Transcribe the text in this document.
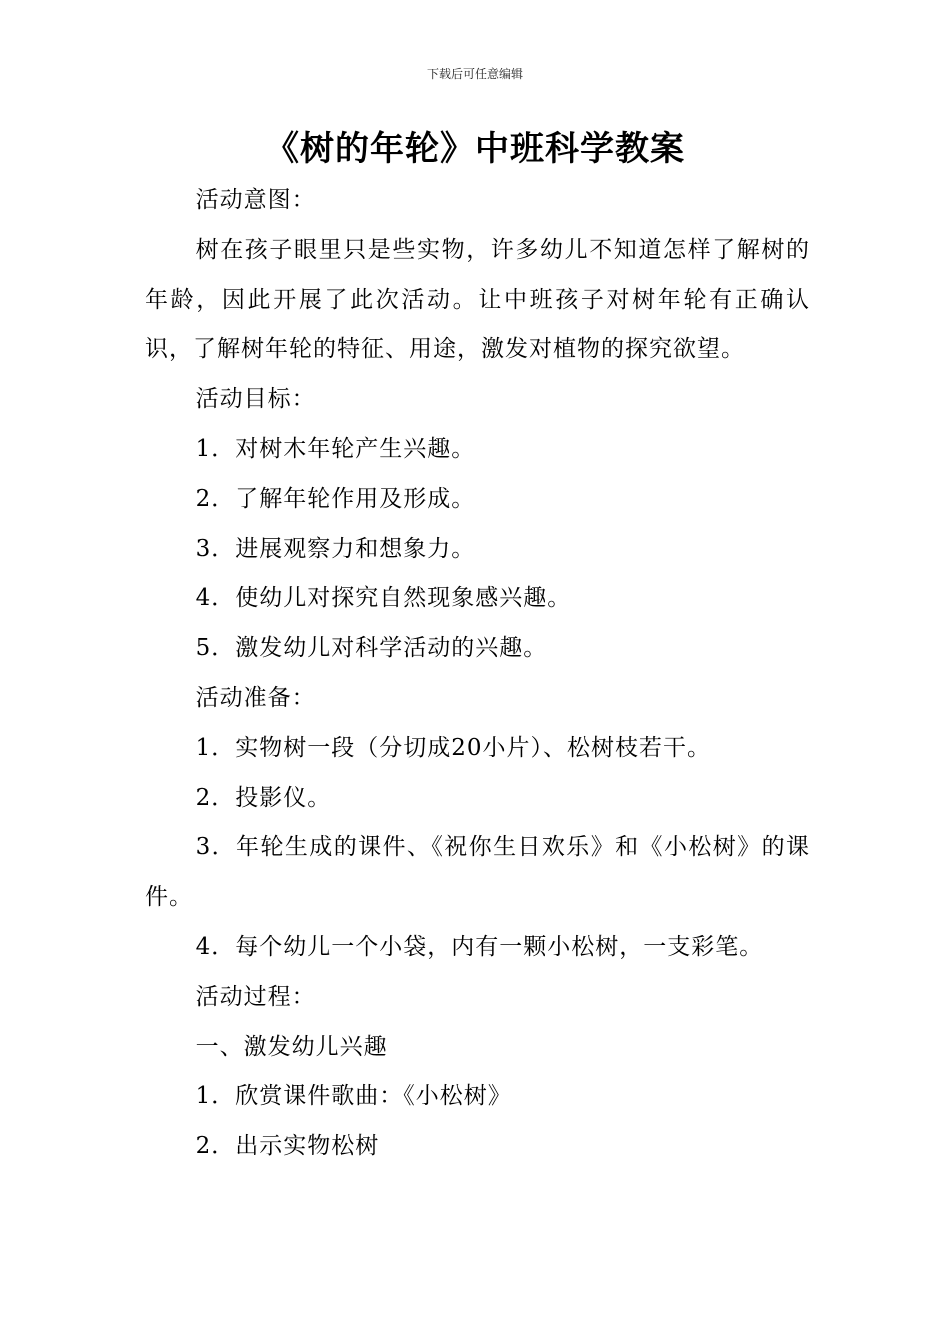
下载后可任意编辑
《树的年轮》中班科学教案

活动意图：

树在孩子眼里只是些实物，许多幼儿不知道怎样了解树的年龄，因此开展了此次活动。让中班孩子对树年轮有正确认识，了解树年轮的特征、用途，激发对植物的探究欲望。

活动目标：

1．对树木年轮产生兴趣。

2．了解年轮作用及形成。

3．进展观察力和想象力。

4．使幼儿对探究自然现象感兴趣。

5．激发幼儿对科学活动的兴趣。

活动准备：

1．实物树一段（分切成20小片）、松树枝若干。

2．投影仪。

3．年轮生成的课件、《祝你生日欢乐》和《小松树》的课件。

4．每个幼儿一个小袋，内有一颗小松树，一支彩笔。

活动过程：

一、激发幼儿兴趣

1．欣赏课件歌曲：《小松树》

2．出示实物松树
